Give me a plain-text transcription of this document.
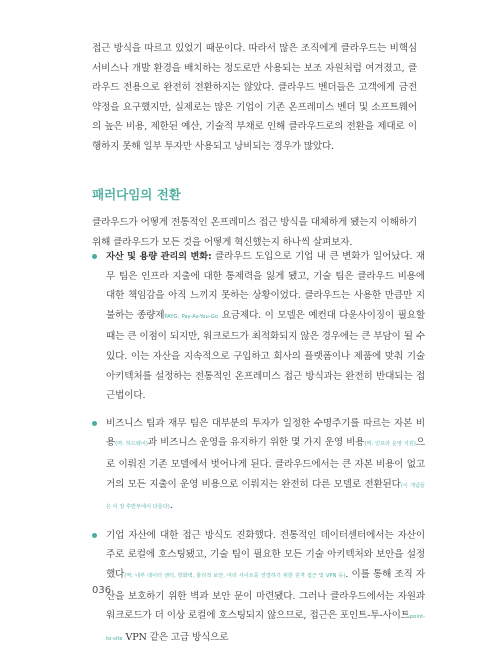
접근 방식을 따르고 있었기 때문이다. 따라서 많은 조직에게 클라우드는 비핵심 서비스나 개발 환경을 배치하는 정도로만 사용되는 보조 자원처럼 여겨졌고, 클라우드 전용으로 완전히 전환하지는 않았다. 클라우드 벤더들은 고객에게 금전 약정을 요구했지만, 실제로는 많은 기업이 기존 온프레미스 벤더 및 소프트웨어의 높은 비용, 제한된 예산, 기술적 부채로 인해 클라우드로의 전환을 제대로 이행하지 못해 일부 투자만 사용되고 낭비되는 경우가 많았다.

패러다임의 전환

클라우드가 어떻게 전통적인 온프레미스 접근 방식을 대체하게 됐는지 이해하기 위해 클라우드가 모든 것을 어떻게 혁신했는지 하나씩 살펴보자.

자산 및 용량 관리의 변화: 클라우드 도입으로 기업 내 큰 변화가 일어났다. 재무 팀은 인프라 지출에 대한 통제력을 잃게 됐고, 기술 팀은 클라우드 비용에 대한 책임감을 아직 느끼지 못하는 상황이었다. 클라우드는 사용한 만큼만 지불하는 종량제PAYG, Pay-As-You-Go 요금제다. 이 모델은 예컨대 다운사이징이 필요할 때는 큰 이점이 되지만, 워크로드가 최적화되지 않은 경우에는 큰 부담이 될 수 있다. 이는 자산을 지속적으로 구입하고 회사의 플랫폼이나 제품에 맞춰 기술 아키텍처를 설정하는 전통적인 온프레미스 접근 방식과는 완전히 반대되는 접근법이다.
비즈니스 팀과 재무 팀은 대부분의 투자가 일정한 수명주기를 따르는 자본 비용(역: 하드웨어)과 비즈니스 운영을 유지하기 위한 몇 가지 운영 비용(역: 인프라 운영 지원)으로 이뤄진 기존 모델에서 벗어나게 된다. 클라우드에서는 큰 자본 비용이 없고 거의 모든 지출이 운영 비용으로 이뤄지는 완전히 다른 모델로 전환된다(이 개념들은 이 장 후반부에서 다룬다).
기업 자산에 대한 접근 방식도 진화했다. 전통적인 데이터센터에서는 자산이 주로 로컬에 호스팅됐고, 기술 팀이 필요한 모든 기술 아키텍처와 보안을 설정했다(역: 내부 데이터 센터, 방화벽, 물리적 보안, 여러 사이트를 연결하기 위한 원격 접근 및 VPN 등). 이를 통해 조직 자산을 보호하기 위한 벽과 보안 문이 마련됐다. 그러나 클라우드에서는 자원과 워크로드가 더 이상 로컬에 호스팅되지 않으므로, 접근은 포인트-투-사이트point-to-site VPN 같은 고급 방식으로
036
